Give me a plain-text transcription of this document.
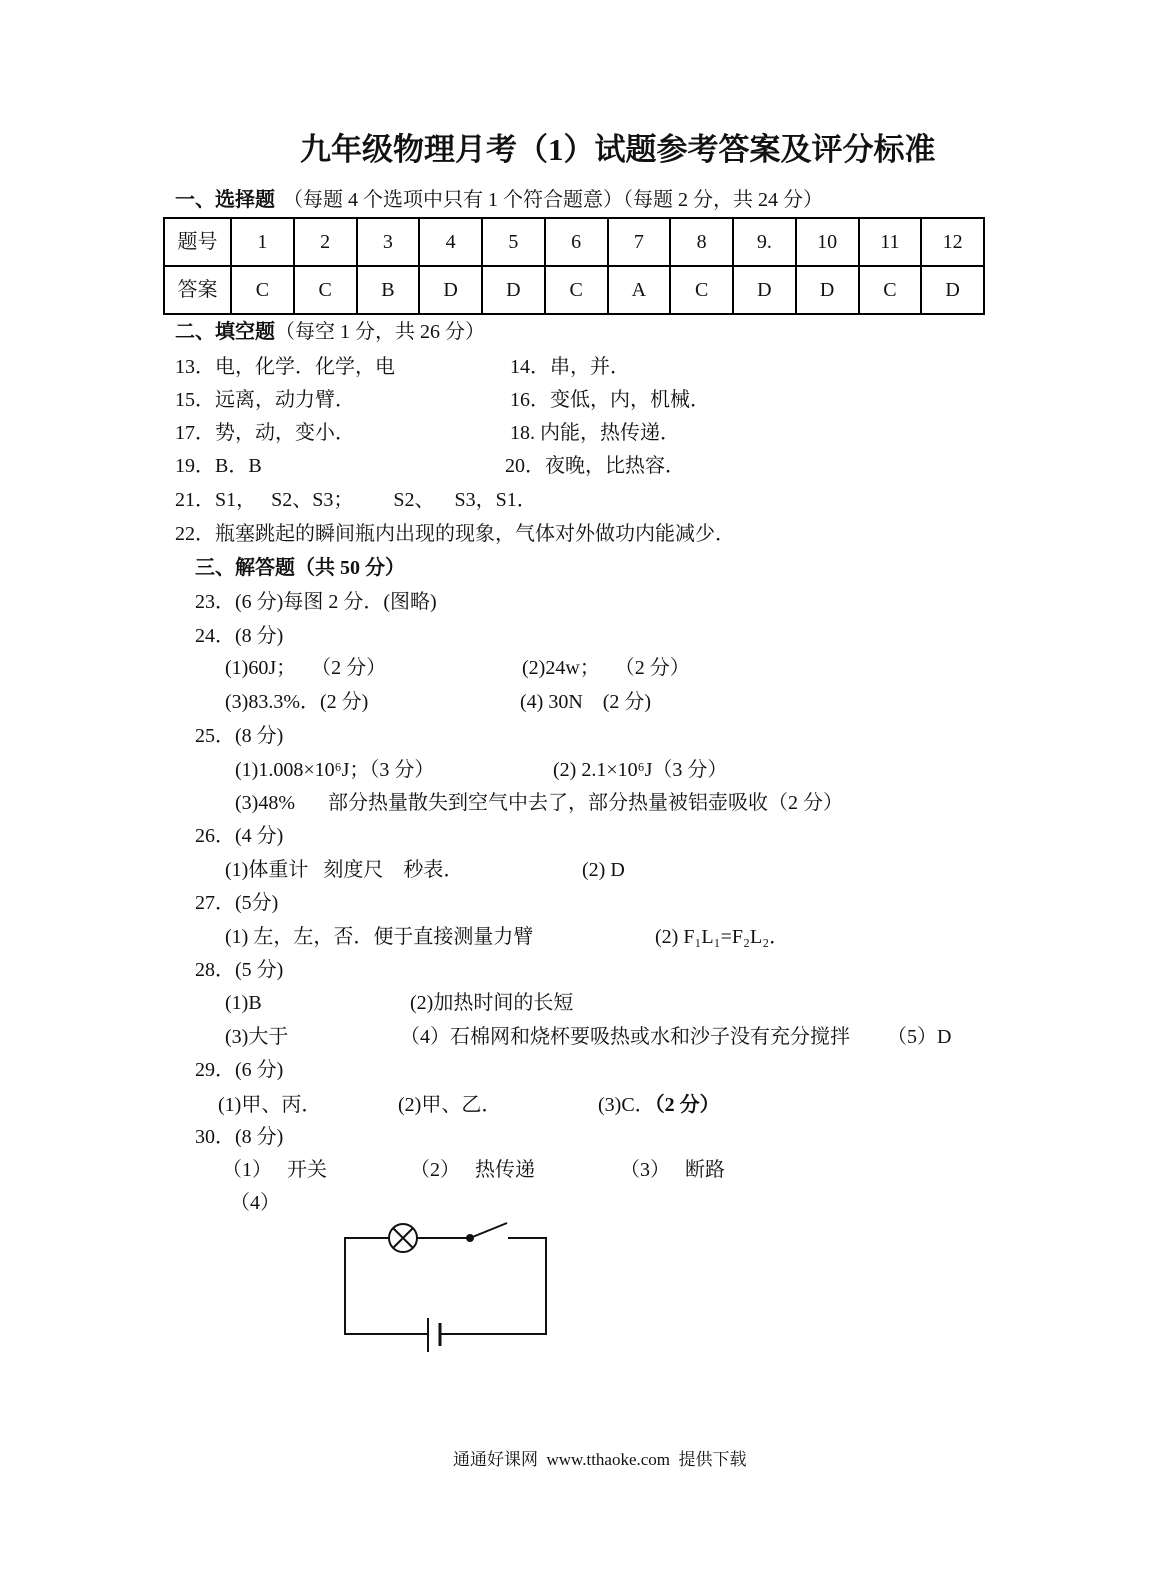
九年级物理月考（1）试题参考答案及评分标准
一、选择题 （每题 4 个选项中只有 1 个符合题意）（每题 2 分，共 24 分）
题号	1	2	3	4	5	6	7	8	9.	10	11	12
答案	C	C	B	D	D	C	A	C	D	D	C	D
二、填空题（每空 1 分，共 26 分）
13．电，化学．化学，电	14．串，并．
15．远离，动力臂．	16．变低，内，机械．
17．势，动，变小．	18. 内能，热传递．
19．B．B	20．夜晚，比热容．
21．S1，   S2、S3；        S2、    S3，S1．
22．瓶塞跳起的瞬间瓶内出现的现象，气体对外做功内能减少．
三、解答题（共 50 分）
23．(6 分)每图 2 分．(图略)
24．(8 分)
(1)60J；   （2 分）	(2)24w；   （2 分）
(3)83.3%．(2 分)	(4) 30N    (2 分)
25．(8 分)
(1)1.008×10⁶J；（3 分）	(2) 2.1×10⁶J（3 分）
(3)48% 部分热量散失到空气中去了，部分热量被铝壶吸收（2 分）
26．(4 分)
(1)体重计   刻度尺    秒表．	(2) D
27．(5分)
(1) 左，左，否．便于直接测量力臂	(2) F₁L₁=F₂L₂．
28．(5 分)
(1)B	(2)加热时间的长短
(3)大于	（4）石棉网和烧杯要吸热或水和沙子没有充分搅拌 （5）D
29．(6 分)
(1)甲、丙．	(2)甲、乙．	(3)C．（2 分）
30．(8 分)
（1）   开关	（2）   热传递	（3）   断路
（4）
通通好课网  www.tthaoke.com  提供下载
